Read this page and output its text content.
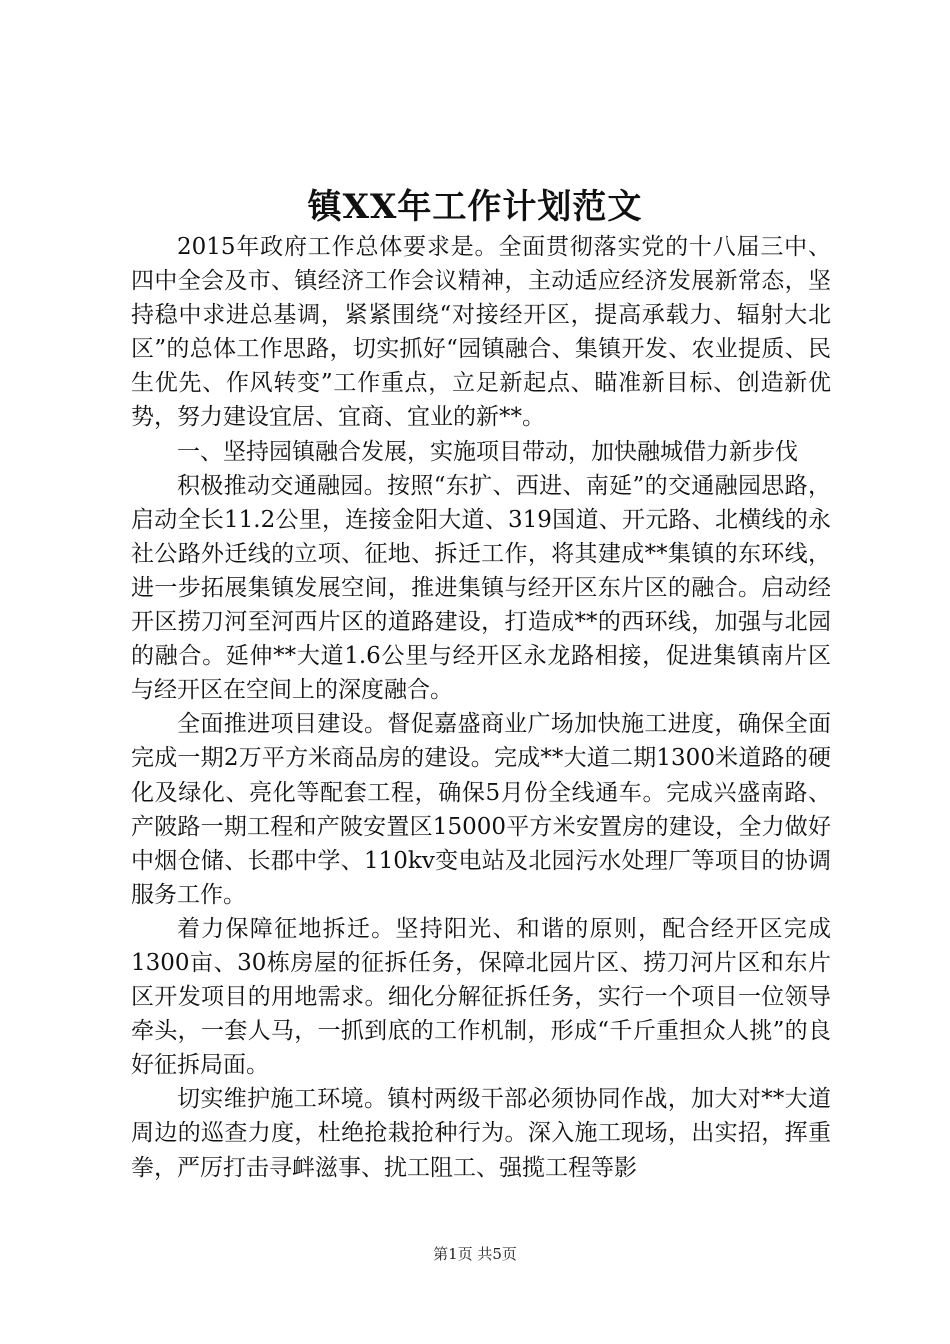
镇XX年工作计划范文

2015年政府工作总体要求是。全面贯彻落实党的十八届三中、四中全会及市、镇经济工作会议精神，主动适应经济发展新常态，坚持稳中求进总基调，紧紧围绕“对接经开区，提高承载力、辐射大北区”的总体工作思路，切实抓好“园镇融合、集镇开发、农业提质、民生优先、作风转变”工作重点，立足新起点、瞄准新目标、创造新优势，努力建设宜居、宜商、宜业的新**。

一、坚持园镇融合发展，实施项目带动，加快融城借力新步伐

积极推动交通融园。按照“东扩、西进、南延”的交通融园思路，启动全长11.2公里，连接金阳大道、319国道、开元路、北横线的永社公路外迁线的立项、征地、拆迁工作，将其建成**集镇的东环线，进一步拓展集镇发展空间，推进集镇与经开区东片区的融合。启动经开区捞刀河至河西片区的道路建设，打造成**的西环线，加强与北园的融合。延伸**大道1.6公里与经开区永龙路相接，促进集镇南片区与经开区在空间上的深度融合。

全面推进项目建设。督促嘉盛商业广场加快施工进度，确保全面完成一期2万平方米商品房的建设。完成**大道二期1300米道路的硬化及绿化、亮化等配套工程，确保5月份全线通车。完成兴盛南路、产陂路一期工程和产陂安置区15000平方米安置房的建设，全力做好中烟仓储、长郡中学、110kv变电站及北园污水处理厂等项目的协调服务工作。

着力保障征地拆迁。坚持阳光、和谐的原则，配合经开区完成1300亩、30栋房屋的征拆任务，保障北园片区、捞刀河片区和东片区开发项目的用地需求。细化分解征拆任务，实行一个项目一位领导牵头，一套人马，一抓到底的工作机制，形成“千斤重担众人挑”的良好征拆局面。

切实维护施工环境。镇村两级干部必须协同作战，加大对**大道周边的巡查力度，杜绝抢栽抢种行为。深入施工现场，出实招，挥重拳，严厉打击寻衅滋事、扰工阻工、强揽工程等影

第1页 共5页
